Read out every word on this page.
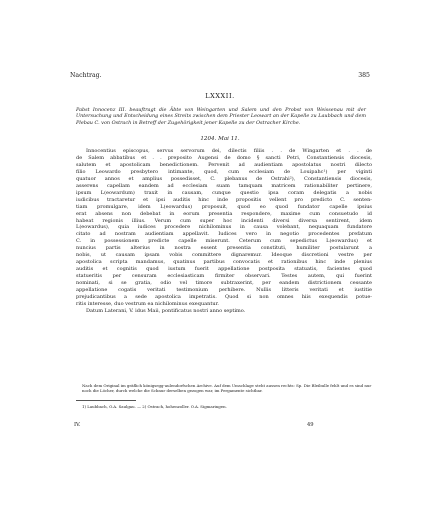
Nachtrag.	385
LXXXII.
Pabst Innocenz III. beauftragt die Äbte von Weingarten und Salem und den Probst von Weissenau mit der Untersuchung und Entscheidung eines Streits zwischen dem Priester Leowart an der Kapelle zu Laubbach und dem Plebau C. von Ostrach in Betreff der Zugehörigkeit jener Kapelle zu der Ostracher Kirche.
1204. Mai 11.
Innocentius episcopus, servus servorum dei, dilectis filiis . . de Wingarten et . . de
de Salem abbatibus et . . preposito Augensi de domo § sancti Petri, Constantiensis diocesis,
salutem et apostolicam benedictionem. Pervenit ad audientiam apostolatus nostri dilecto
filio Leowardo presbytero intimante, quod, cum ecclesiam de Louipahc¹) per viginti
quatuor annos et amplius possedisset, C. plebanus de Ostrahi²), Constantiensis diocesis,
asserens capellam eandem ad ecclesiam suam tamquam matricem rationabiliter pertinere,
ipsum L(eowardum) traxit in causam, cunque questio ipsa coram delegatis a nobis
iudicibus tractaretur et ipsi auditis hinc inde propositis vellent pro predicto C. senten-
tiam promulgare, idem L(eowardus) proposuit, quod eo quod fundator capelle ipsius
erat absens non debebat in eorum presentia respondere, maxime cum consuetudo id
habeat regionis illius. Verum cum super hoc incidenti diversi diversa sentirent, idem
L(eowardus), quia iudices procedere nichilominus in causa volebant, nequaquam fundatore
citato ad nostram audientiam appellavit. Iudices vero in negotio procedentes prefatum
C. in possessionem predicte capelle miserunt. Ceterum cum sepedictus L(eowardus) et
nuncius partis alterius in nostra essent presentia constituti, humiliter postularunt a
nobis, ut causam ipsam vobis committere dignaremur. Ideoque discretioni vestre per
apostolica scripta mandamus, quatinus partibus convocatis et rationibus hinc inde plenius
auditis et cognitis quod iustum fuerit appellatione postposita statuatis, facientes quod
statueritis per censuram ecclesiasticam firmiter observari. Testes autem, qui fuerint
nominati, si se gratia, odio vel timore subtraxerint, per eandem districtionem cessante
appellatione cogatis veritati testimonium perhibere. Nullis litteris veritati et iustitie
prejudicantibus a sede apostolica impetratis. Quod si non omnes hiis exequendis potue-
ritis interesse, duo vestrum ea nichilominus exequantur.
Datum Laterani, V. idus Maii, pontificatus nostri anno septimo.
Nach dem Original im gräflich königsegg-aulendorfschen Archive. Auf dem Umschlage steht aussen rechts: Sp. Die Bleibulle fehlt und es sind nur noch die Löcher, durch welche die Schnur derselben gezogen war, im Pergamente sichtbar.
1) Laubbach, O.A. Saulgau. — 2) Ostrach, hohenzoller. O.A. Sigmaringen.
IV.	49
